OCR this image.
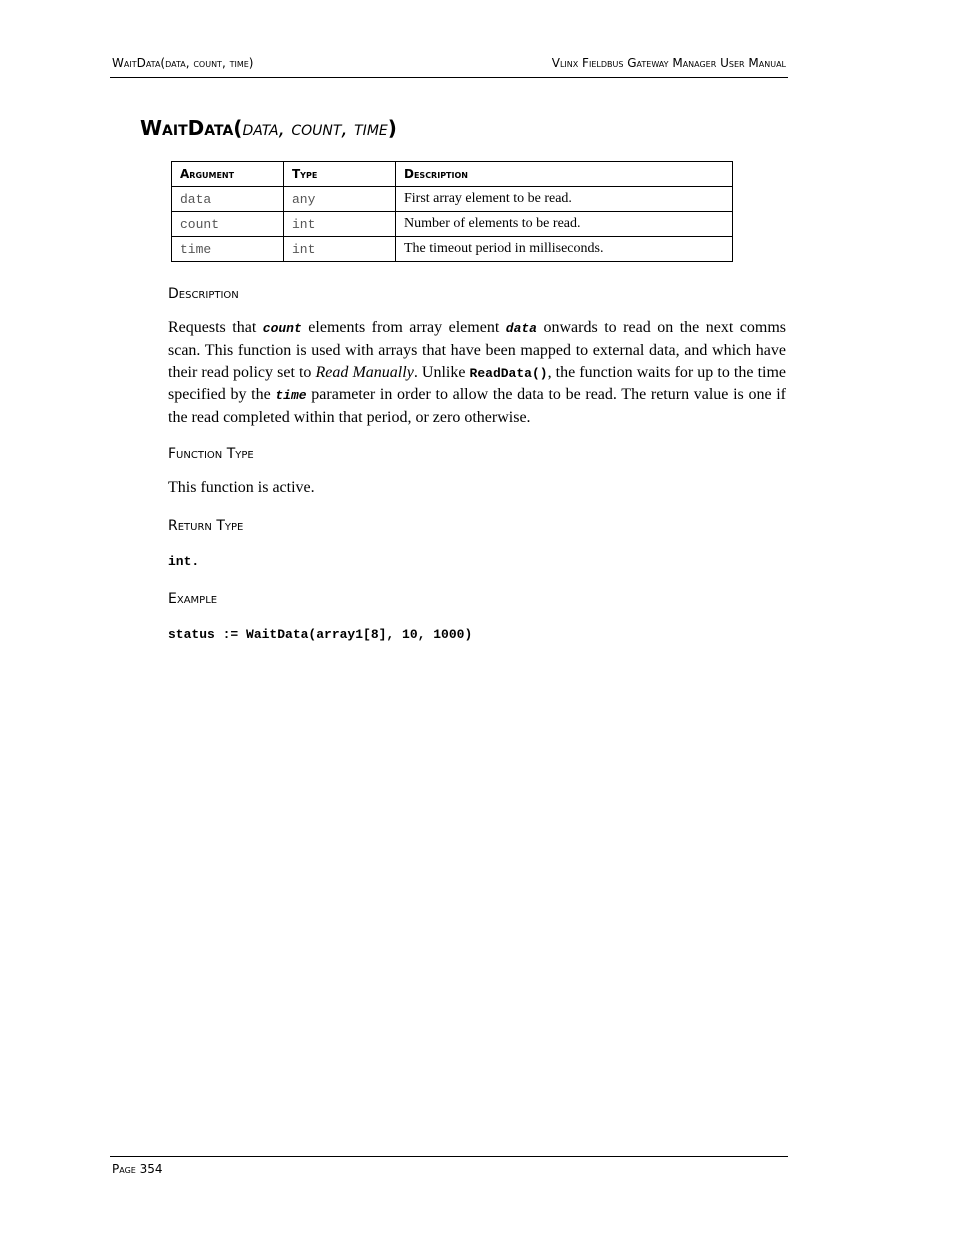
WaitData(data, count, time)	Vlinx Fieldbus Gateway Manager User Manual
WaitData(data, count, time)
Argument	Type	Description
data	any	First array element to be read.
count	int	Number of elements to be read.
time	int	The timeout period in milliseconds.
Description
Requests that count elements from array element data onwards to read on the next comms scan. This function is used with arrays that have been mapped to external data, and which have their read policy set to Read Manually. Unlike ReadData(), the function waits for up to the time specified by the time parameter in order to allow the data to be read. The return value is one if the read completed within that period, or zero otherwise.
Function Type
This function is active.
Return Type
int.
Example
status := WaitData(array1[8], 10, 1000)
Page 354
